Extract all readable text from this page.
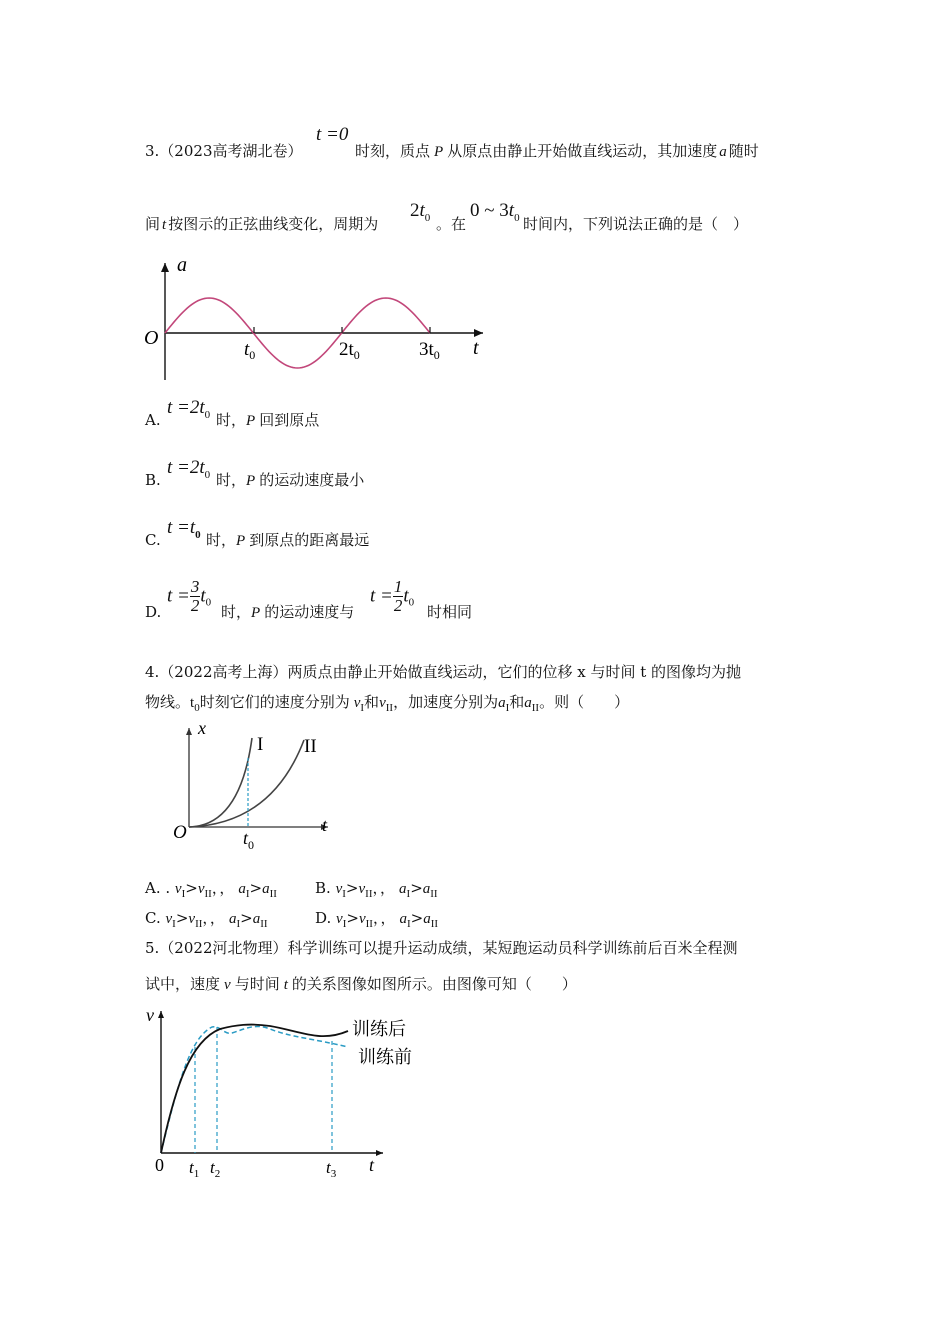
3.（2023高考湖北卷）
t =0
时刻，质点 P 从原点由静止开始做直线运动，其加速度 a 随时
间 t 按图示的正弦曲线变化，周期为
$2t_0$ 。在
0 ~ $3t_0$ 时间内，下列说法正确的是（　）
a
O	t
$t_0$	$2t_0$	$3t_0$
A.
$t =2t_0$ 时，P 回到原点
B.
$t =2t_0$ 时，P 的运动速度最小
C.
$t =t_0$ 时，P 到原点的距离最远
D.
$t = \frac{3}{2} t_0$
时，P 的运动速度与
$t = \frac{1}{2} t_0$
时相同
4.（2022高考上海）两质点由静止开始做直线运动，它们的位移 x 与时间 t 的图像均为抛
物线。$t_0$时刻它们的速度分别为 $v_I$和$v_{II}$，加速度分别为$a_I$和$a_{II}$。则（　　）
x
O	t
I II
$t_0$
A. . $v_I>v_{II}$，， $a_I>a_{II}$	B. $v_I>v_{II}$，， $a_I>a_{II}$
C. $v_I>v_{II}$，， $a_I>a_{II}$	D. $v_I>v_{II}$，， $a_I>a_{II}$
5.（2022河北物理）科学训练可以提升运动成绩，某短跑运动员科学训练前后百米全程测
试中，速度 v 与时间 t 的关系图像如图所示。由图像可知（　　）
v
0	t
训练后
训练前
$t_1$ $t_2$	$t_3$
